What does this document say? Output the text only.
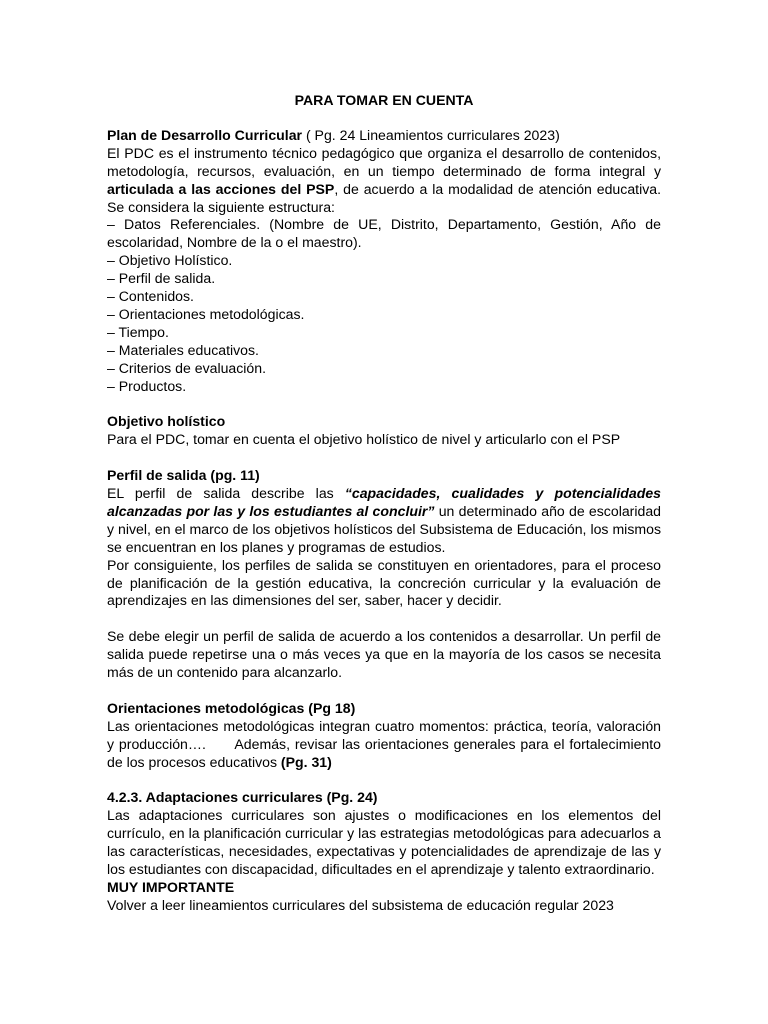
PARA TOMAR EN CUENTA

Plan de Desarrollo Curricular ( Pg. 24 Lineamientos curriculares 2023)

El PDC es el instrumento técnico pedagógico que organiza el desarrollo de contenidos, metodología, recursos, evaluación, en un tiempo determinado de forma integral y articulada a las acciones del PSP, de acuerdo a la modalidad de atención educativa. Se considera la siguiente estructura:

– Datos Referenciales. (Nombre de UE, Distrito, Departamento, Gestión, Año de escolaridad, Nombre de la o el maestro).

– Objetivo Holístico.

– Perfil de salida.

– Contenidos.

– Orientaciones metodológicas.

– Tiempo.

– Materiales educativos.

– Criterios de evaluación.

– Productos.

Objetivo holístico

Para el PDC, tomar en cuenta el objetivo holístico de nivel y articularlo con el PSP

Perfil de salida (pg. 11)

EL perfil de salida describe las “capacidades, cualidades y potencialidades alcanzadas por las y los estudiantes al concluir” un determinado año de escolaridad y nivel, en el marco de los objetivos holísticos del Subsistema de Educación, los mismos se encuentran en los planes y programas de estudios.

Por consiguiente, los perfiles de salida se constituyen en orientadores, para el proceso de planificación de la gestión educativa, la concreción curricular y la evaluación de aprendizajes en las dimensiones del ser, saber, hacer y decidir.

Se debe elegir un perfil de salida de acuerdo a los contenidos a desarrollar. Un perfil de salida puede repetirse una o más veces ya que en la mayoría de los casos se necesita más de un contenido para alcanzarlo.

Orientaciones metodológicas (Pg 18)

Las orientaciones metodológicas integran cuatro momentos: práctica, teoría, valoración y producción….      Además, revisar las orientaciones generales para el fortalecimiento de los procesos educativos (Pg. 31)

4.2.3. Adaptaciones curriculares (Pg. 24)

Las adaptaciones curriculares son ajustes o modificaciones en los elementos del currículo, en la planificación curricular y las estrategias metodológicas para adecuarlos a las características, necesidades, expectativas y potencialidades de aprendizaje de las y los estudiantes con discapacidad, dificultades en el aprendizaje y talento extraordinario.

MUY IMPORTANTE

Volver a leer lineamientos curriculares del subsistema de educación regular 2023
